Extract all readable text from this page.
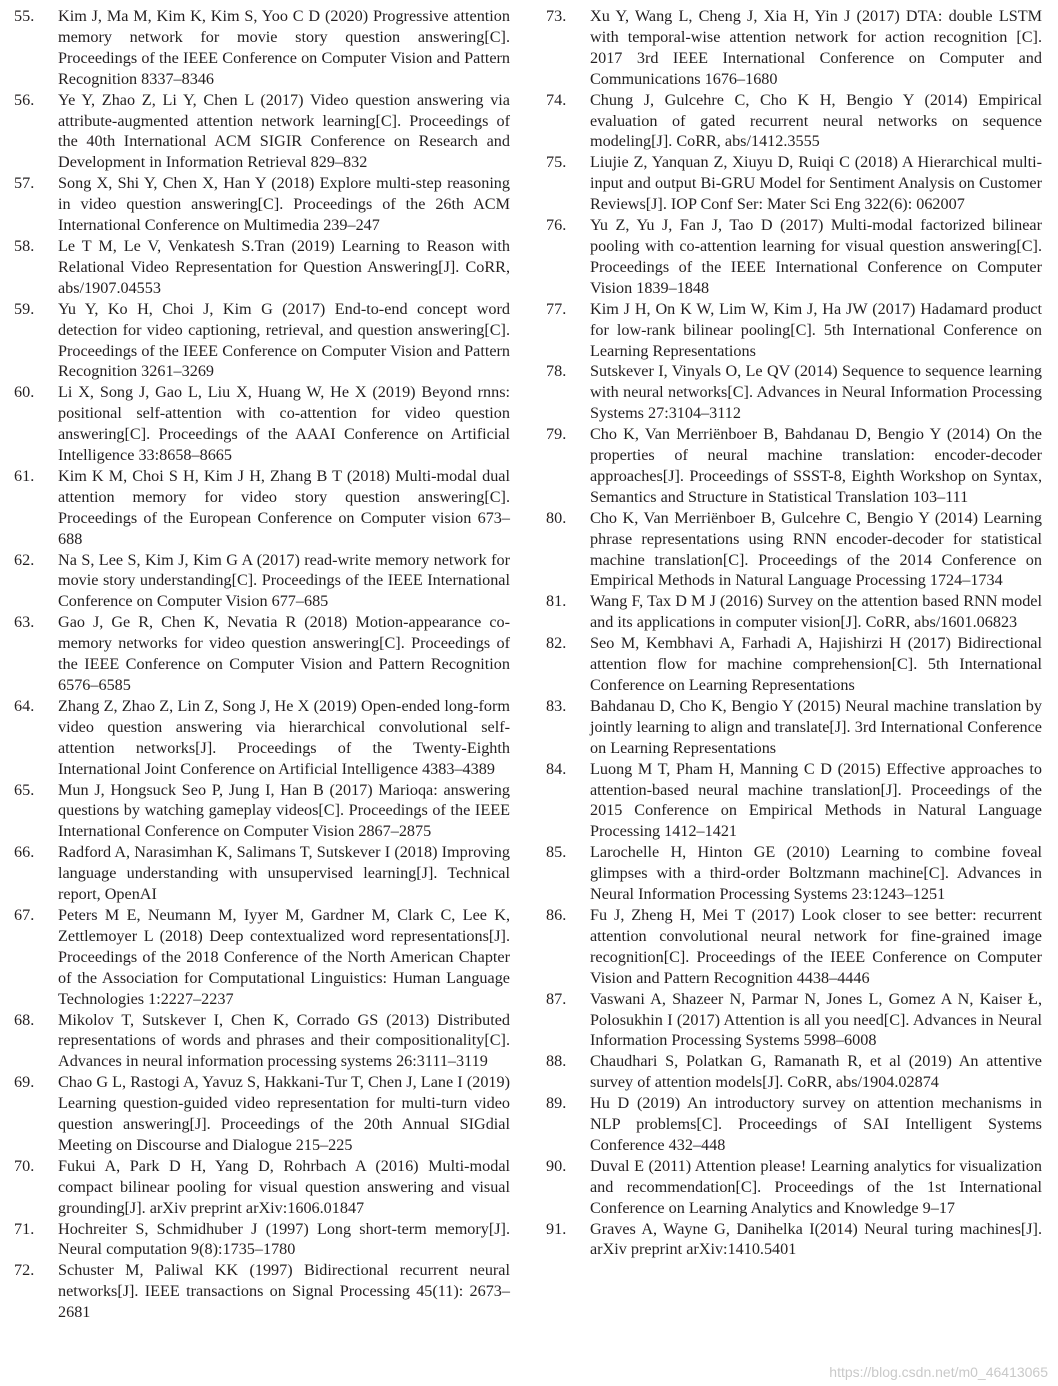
55.	Kim J, Ma M, Kim K, Kim S, Yoo C D (2020) Progressive attention memory network for movie story question answering[C]. Proceedings of the IEEE Conference on Computer Vision and Pattern Recognition 8337–8346
56.	Ye Y, Zhao Z, Li Y, Chen L (2017) Video question answering via attribute-augmented attention network learning[C]. Proceedings of the 40th International ACM SIGIR Conference on Research and Development in Information Retrieval 829–832
57.	Song X, Shi Y, Chen X, Han Y (2018) Explore multi-step reasoning in video question answering[C]. Proceedings of the 26th ACM International Conference on Multimedia 239–247
58.	Le T M, Le V, Venkatesh S.Tran (2019) Learning to Reason with Relational Video Representation for Question Answering[J]. CoRR, abs/1907.04553
59.	Yu Y, Ko H, Choi J, Kim G (2017) End-to-end concept word detection for video captioning, retrieval, and question answering[C]. Proceedings of the IEEE Conference on Computer Vision and Pattern Recognition 3261–3269
60.	Li X, Song J, Gao L, Liu X, Huang W, He X (2019) Beyond rnns: positional self-attention with co-attention for video question answering[C]. Proceedings of the AAAI Conference on Artificial Intelligence 33:8658–8665
61.	Kim K M, Choi S H, Kim J H, Zhang B T (2018) Multi-modal dual attention memory for video story question answering[C]. Proceedings of the European Conference on Computer vision 673–688
62.	Na S, Lee S, Kim J, Kim G A (2017) read-write memory network for movie story understanding[C]. Proceedings of the IEEE International Conference on Computer Vision 677–685
63.	Gao J, Ge R, Chen K, Nevatia R (2018) Motion-appearance co-memory networks for video question answering[C]. Proceedings of the IEEE Conference on Computer Vision and Pattern Recognition 6576–6585
64.	Zhang Z, Zhao Z, Lin Z, Song J, He X (2019) Open-ended long-form video question answering via hierarchical convolutional self-attention networks[J]. Proceedings of the Twenty-Eighth International Joint Conference on Artificial Intelligence 4383–4389
65.	Mun J, Hongsuck Seo P, Jung I, Han B (2017) Marioqa: answering questions by watching gameplay videos[C]. Proceedings of the IEEE International Conference on Computer Vision 2867–2875
66.	Radford A, Narasimhan K, Salimans T, Sutskever I (2018) Improving language understanding with unsupervised learning[J]. Technical report, OpenAI
67.	Peters M E, Neumann M, Iyyer M, Gardner M, Clark C, Lee K, Zettlemoyer L (2018) Deep contextualized word representations[J]. Proceedings of the 2018 Conference of the North American Chapter of the Association for Computational Linguistics: Human Language Technologies 1:2227–2237
68.	Mikolov T, Sutskever I, Chen K, Corrado GS (2013) Distributed representations of words and phrases and their compositionality[C]. Advances in neural information processing systems 26:3111–3119
69.	Chao G L, Rastogi A, Yavuz S, Hakkani-Tur T, Chen J, Lane I (2019) Learning question-guided video representation for multi-turn video question answering[J]. Proceedings of the 20th Annual SIGdial Meeting on Discourse and Dialogue 215–225
70.	Fukui A, Park D H, Yang D, Rohrbach A (2016) Multi-modal compact bilinear pooling for visual question answering and visual grounding[J]. arXiv preprint arXiv:1606.01847
71.	Hochreiter S, Schmidhuber J (1997) Long short-term memory[J]. Neural computation 9(8):1735–1780
72.	Schuster M, Paliwal KK (1997) Bidirectional recurrent neural networks[J]. IEEE transactions on Signal Processing 45(11): 2673–2681
73.	Xu Y, Wang L, Cheng J, Xia H, Yin J (2017) DTA: double LSTM with temporal-wise attention network for action recognition [C]. 2017 3rd IEEE International Conference on Computer and Communications 1676–1680
74.	Chung J, Gulcehre C, Cho K H, Bengio Y (2014) Empirical evaluation of gated recurrent neural networks on sequence modeling[J]. CoRR, abs/1412.3555
75.	Liujie Z, Yanquan Z, Xiuyu D, Ruiqi C (2018) A Hierarchical multi-input and output Bi-GRU Model for Sentiment Analysis on Customer Reviews[J]. IOP Conf Ser: Mater Sci Eng 322(6): 062007
76.	Yu Z, Yu J, Fan J, Tao D (2017) Multi-modal factorized bilinear pooling with co-attention learning for visual question answering[C]. Proceedings of the IEEE International Conference on Computer Vision 1839–1848
77.	Kim J H, On K W, Lim W, Kim J, Ha JW (2017) Hadamard product for low-rank bilinear pooling[C]. 5th International Conference on Learning Representations
78.	Sutskever I, Vinyals O, Le QV (2014) Sequence to sequence learning with neural networks[C]. Advances in Neural Information Processing Systems 27:3104–3112
79.	Cho K, Van Merriënboer B, Bahdanau D, Bengio Y (2014) On the properties of neural machine translation: encoder-decoder approaches[J]. Proceedings of SSST-8, Eighth Workshop on Syntax, Semantics and Structure in Statistical Translation 103–111
80.	Cho K, Van Merriënboer B, Gulcehre C, Bengio Y (2014) Learning phrase representations using RNN encoder-decoder for statistical machine translation[C]. Proceedings of the 2014 Conference on Empirical Methods in Natural Language Processing 1724–1734
81.	Wang F, Tax D M J (2016) Survey on the attention based RNN model and its applications in computer vision[J]. CoRR, abs/1601.06823
82.	Seo M, Kembhavi A, Farhadi A, Hajishirzi H (2017) Bidirectional attention flow for machine comprehension[C]. 5th International Conference on Learning Representations
83.	Bahdanau D, Cho K, Bengio Y (2015) Neural machine translation by jointly learning to align and translate[J]. 3rd International Conference on Learning Representations
84.	Luong M T, Pham H, Manning C D (2015) Effective approaches to attention-based neural machine translation[J]. Proceedings of the 2015 Conference on Empirical Methods in Natural Language Processing 1412–1421
85.	Larochelle H, Hinton GE (2010) Learning to combine foveal glimpses with a third-order Boltzmann machine[C]. Advances in Neural Information Processing Systems 23:1243–1251
86.	Fu J, Zheng H, Mei T (2017) Look closer to see better: recurrent attention convolutional neural network for fine-grained image recognition[C]. Proceedings of the IEEE Conference on Computer Vision and Pattern Recognition 4438–4446
87.	Vaswani A, Shazeer N, Parmar N, Jones L, Gomez A N, Kaiser Ł, Polosukhin I (2017) Attention is all you need[C]. Advances in Neural Information Processing Systems 5998–6008
88.	Chaudhari S, Polatkan G, Ramanath R, et al (2019) An attentive survey of attention models[J]. CoRR, abs/1904.02874
89.	Hu D (2019) An introductory survey on attention mechanisms in NLP problems[C]. Proceedings of SAI Intelligent Systems Conference 432–448
90.	Duval E (2011) Attention please! Learning analytics for visualization and recommendation[C]. Proceedings of the 1st International Conference on Learning Analytics and Knowledge 9–17
91.	Graves A, Wayne G, Danihelka I(2014) Neural turing machines[J]. arXiv preprint arXiv:1410.5401
https://blog.csdn.net/m0_46413065
